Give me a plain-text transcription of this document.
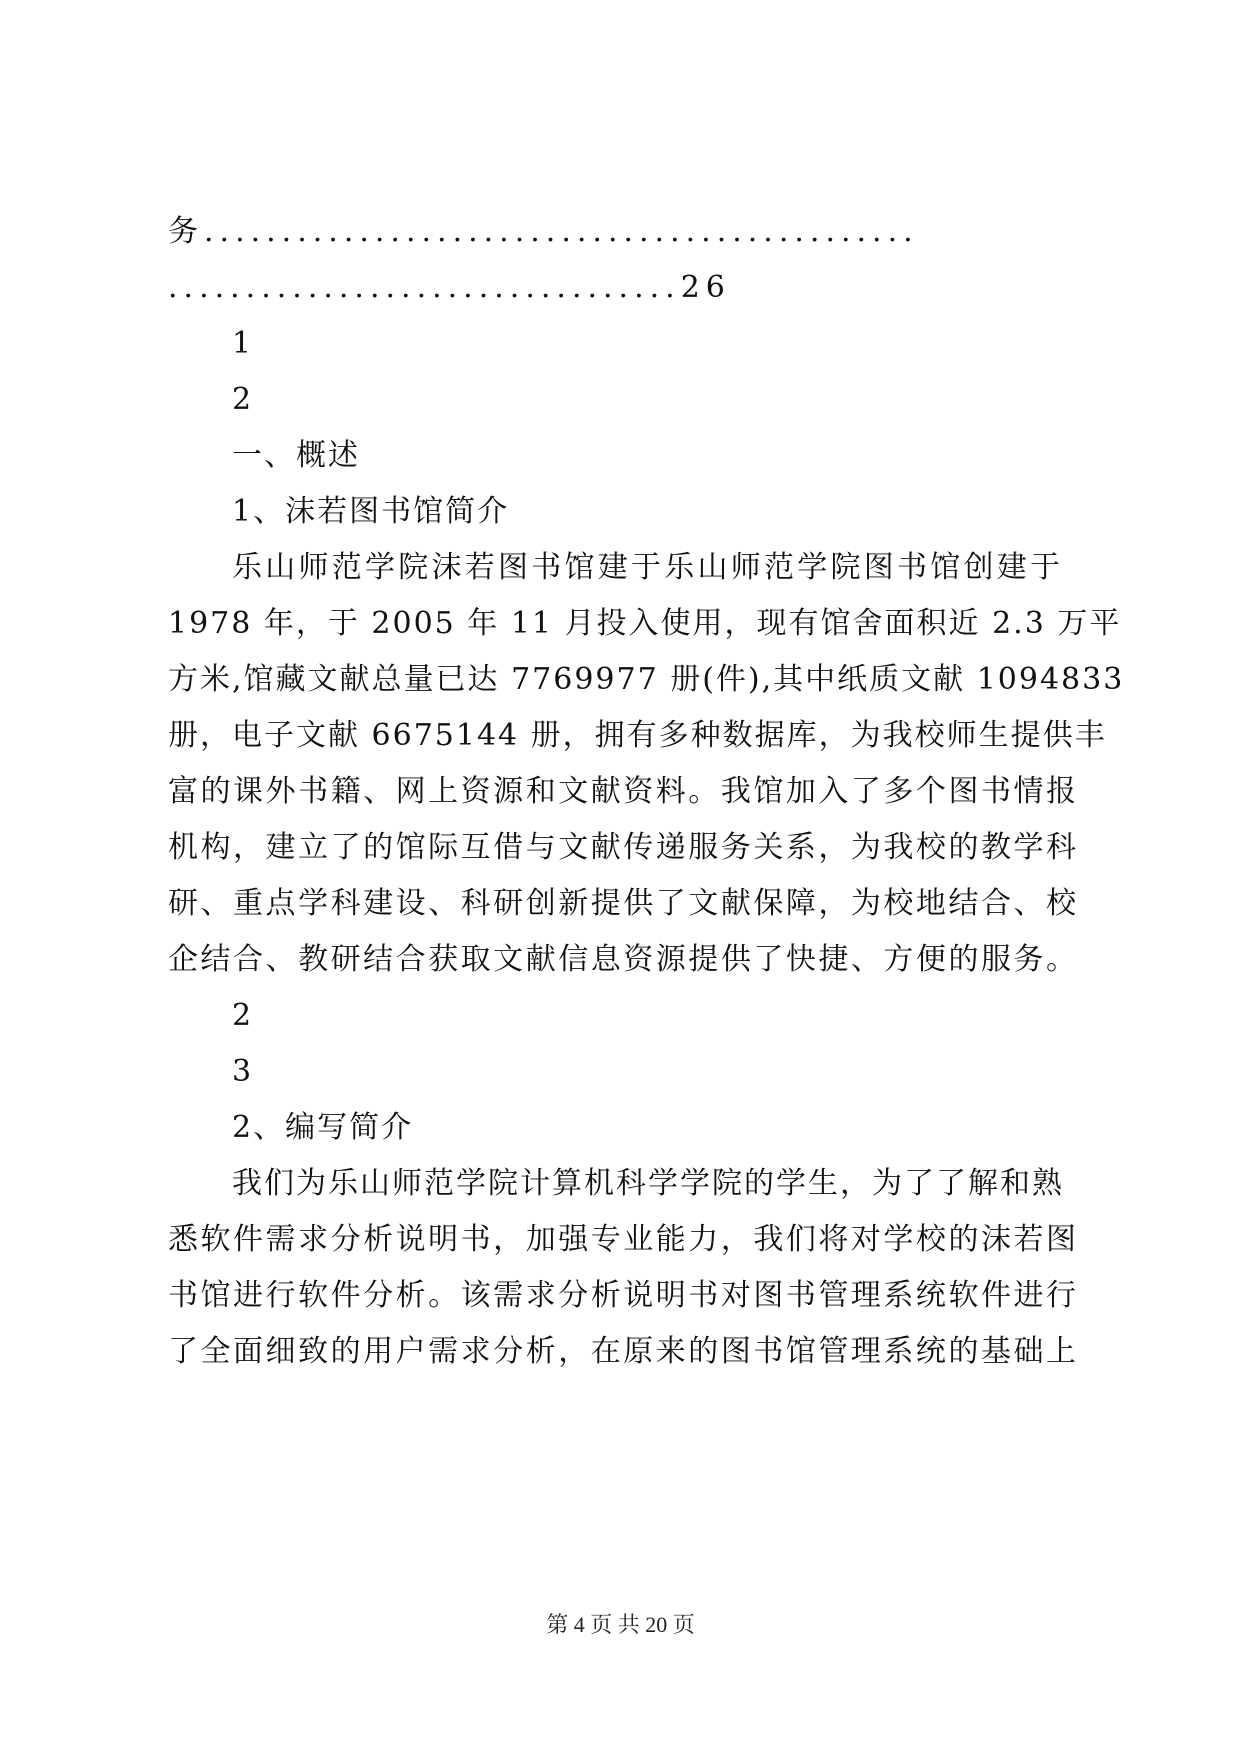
务..............................................
.................................26
1
2
一、概述
1、沫若图书馆简介
乐山师范学院沫若图书馆建于乐山师范学院图书馆创建于
1978 年，于 2005 年 11 月投入使用，现有馆舍面积近 2.3 万平
方米,馆藏文献总量已达 7769977 册(件),其中纸质文献 1094833
册，电子文献 6675144 册，拥有多种数据库，为我校师生提供丰
富的课外书籍、网上资源和文献资料。我馆加入了多个图书情报
机构，建立了的馆际互借与文献传递服务关系，为我校的教学科
研、重点学科建设、科研创新提供了文献保障，为校地结合、校
企结合、教研结合获取文献信息资源提供了快捷、方便的服务。
2
3
2、编写简介
我们为乐山师范学院计算机科学学院的学生，为了了解和熟
悉软件需求分析说明书，加强专业能力，我们将对学校的沫若图
书馆进行软件分析。该需求分析说明书对图书管理系统软件进行
了全面细致的用户需求分析，在原来的图书馆管理系统的基础上
第 4 页 共 20 页
